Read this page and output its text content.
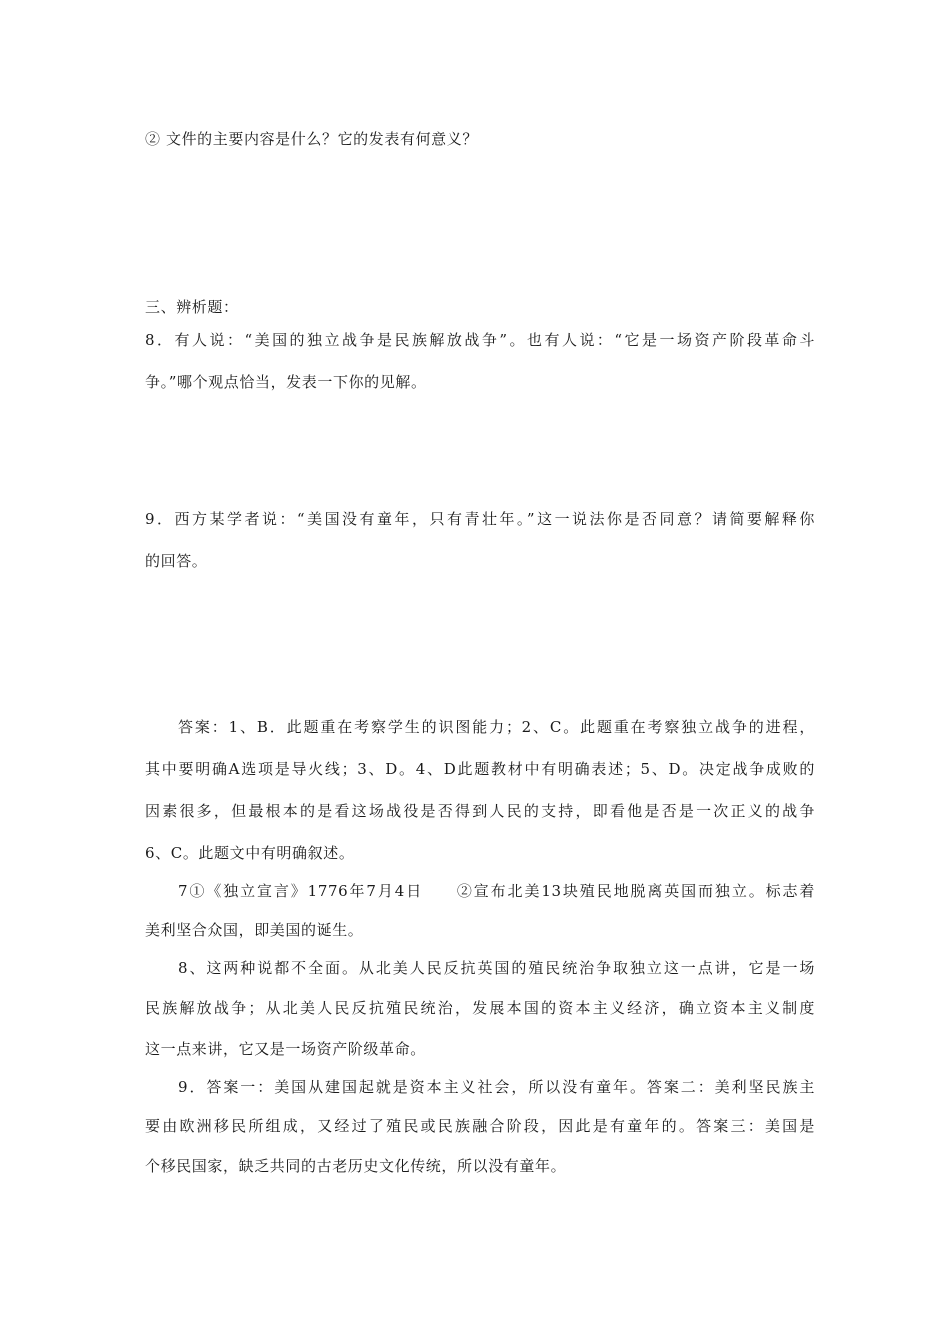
② 文件的主要内容是什么？它的发表有何意义？
三、辨析题：
8．有人说：“美国的独立战争是民族解放战争”。也有人说：“它是一场资产阶段革命斗
争。”哪个观点恰当，发表一下你的见解。
9．西方某学者说：“美国没有童年，只有青壮年。”这一说法你是否同意？请简要解释你
的回答。
答案：1、B．此题重在考察学生的识图能力；2、C。此题重在考察独立战争的进程，
其中要明确A选项是导火线；3、D。4、D此题教材中有明确表述；5、D。决定战争成败的
因素很多，但最根本的是看这场战役是否得到人民的支持，即看他是否是一次正义的战争
6、C。此题文中有明确叙述。
7①《独立宣言》1776年7月4日　　②宣布北美13块殖民地脱离英国而独立。标志着
美利坚合众国，即美国的诞生。
8、这两种说都不全面。从北美人民反抗英国的殖民统治争取独立这一点讲，它是一场
民族解放战争；从北美人民反抗殖民统治，发展本国的资本主义经济，确立资本主义制度
这一点来讲，它又是一场资产阶级革命。
9．答案一：美国从建国起就是资本主义社会，所以没有童年。答案二：美利坚民族主
要由欧洲移民所组成，又经过了殖民或民族融合阶段，因此是有童年的。答案三：美国是
个移民国家，缺乏共同的古老历史文化传统，所以没有童年。
